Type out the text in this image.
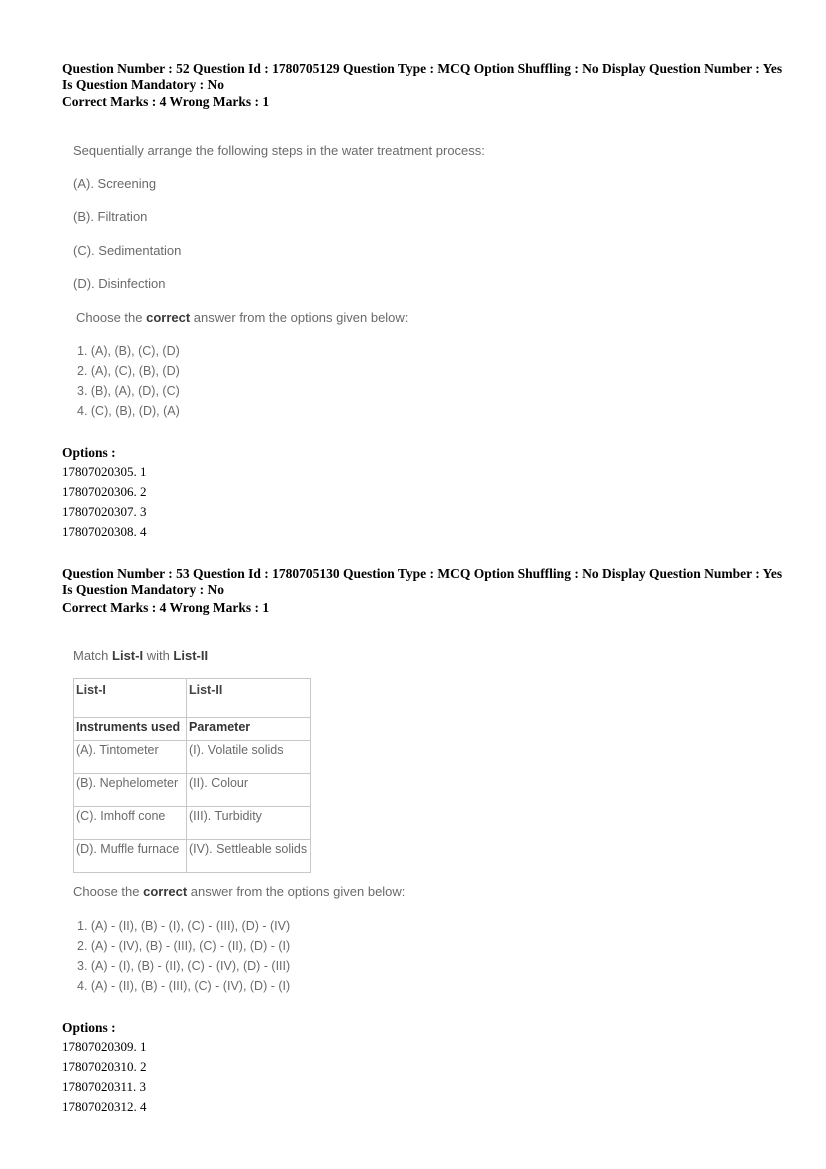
Question Number : 52 Question Id : 1780705129 Question Type : MCQ Option Shuffling : No Display Question Number : Yes
Is Question Mandatory : No
Correct Marks : 4 Wrong Marks : 1
Sequentially arrange the following steps in the water treatment process:
(A). Screening
(B). Filtration
(C). Sedimentation
(D). Disinfection
Choose the correct answer from the options given below:
1. (A), (B), (C), (D)
2. (A), (C), (B), (D)
3. (B), (A), (D), (C)
4. (C), (B), (D), (A)
Options :
17807020305. 1
17807020306. 2
17807020307. 3
17807020308. 4
Question Number : 53 Question Id : 1780705130 Question Type : MCQ Option Shuffling : No Display Question Number : Yes
Is Question Mandatory : No
Correct Marks : 4 Wrong Marks : 1
Match List-I with List-II
List-I	List-II
Instruments used	Parameter
(A). Tintometer	(I). Volatile solids
(B). Nephelometer	(II). Colour
(C). Imhoff cone	(III). Turbidity
(D). Muffle furnace	(IV). Settleable solids
Choose the correct answer from the options given below:
1. (A) - (II), (B) - (I), (C) - (III), (D) - (IV)
2. (A) - (IV), (B) - (III), (C) - (II), (D) - (I)
3. (A) - (I), (B) - (II), (C) - (IV), (D) - (III)
4. (A) - (II), (B) - (III), (C) - (IV), (D) - (I)
Options :
17807020309. 1
17807020310. 2
17807020311. 3
17807020312. 4
